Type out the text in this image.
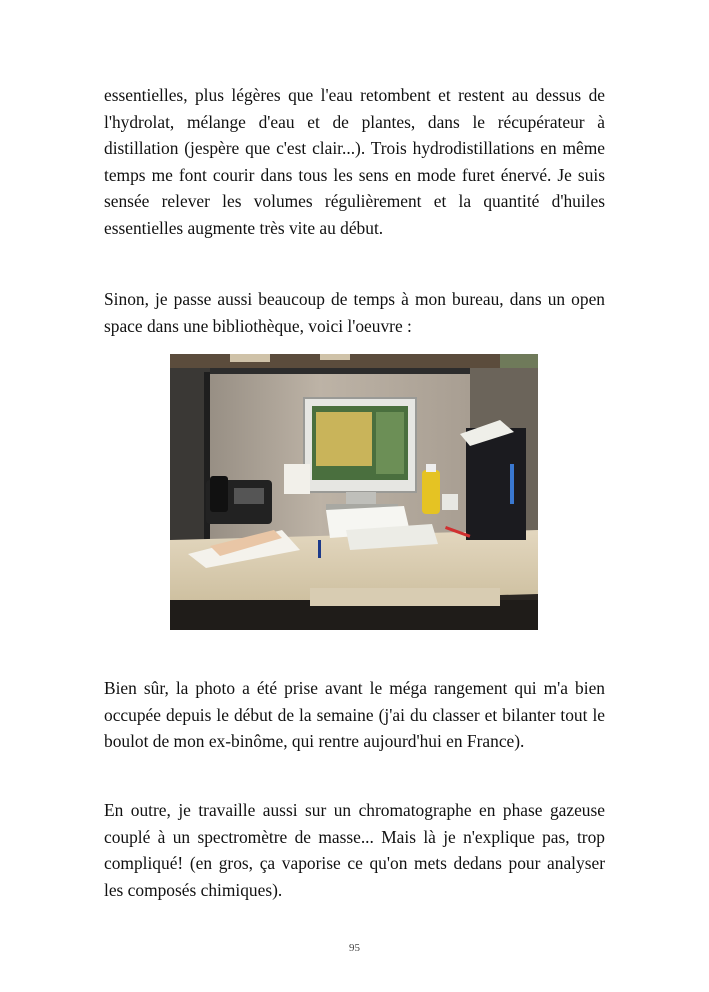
essentielles, plus légères que l'eau retombent et restent au dessus de l'hydrolat, mélange d'eau et de plantes, dans le récupérateur à distillation (jespère que c'est clair...). Trois hydrodistillations en même temps me font courir dans tous les sens en mode furet énervé. Je suis sensée relever les volumes régulièrement et la quantité d'huiles essentielles augmente très vite au début.

Sinon, je passe aussi beaucoup de temps à mon bureau, dans un open space dans une bibliothèque, voici l'oeuvre :

Bien sûr, la photo a été prise avant le méga rangement qui m'a bien occupée depuis le début de la semaine (j'ai du classer et bilanter tout le boulot de mon ex-binôme, qui rentre aujourd'hui en France).

En outre, je travaille aussi sur un chromatographe en phase gazeuse couplé à un spectromètre de masse... Mais là je n'explique pas, trop compliqué! (en gros, ça vaporise ce qu'on mets dedans pour analyser les composés chimiques).

95
